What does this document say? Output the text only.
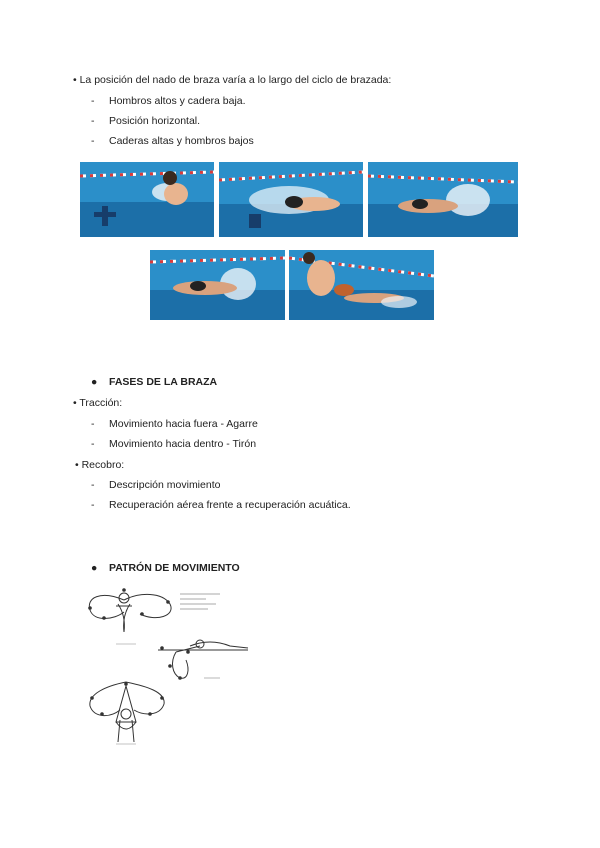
• La posición del nado de braza varía a lo largo del ciclo de brazada:
- Hombros altos y cadera baja.
- Posición horizontal.
- Caderas altas y hombros bajos
● FASES DE LA BRAZA
• Tracción:
- Movimiento hacia fuera - Agarre
- Movimiento hacia dentro - Tirón
• Recobro:
- Descripción movimiento
- Recuperación aérea frente a recuperación acuática.
● PATRÓN DE MOVIMIENTO
